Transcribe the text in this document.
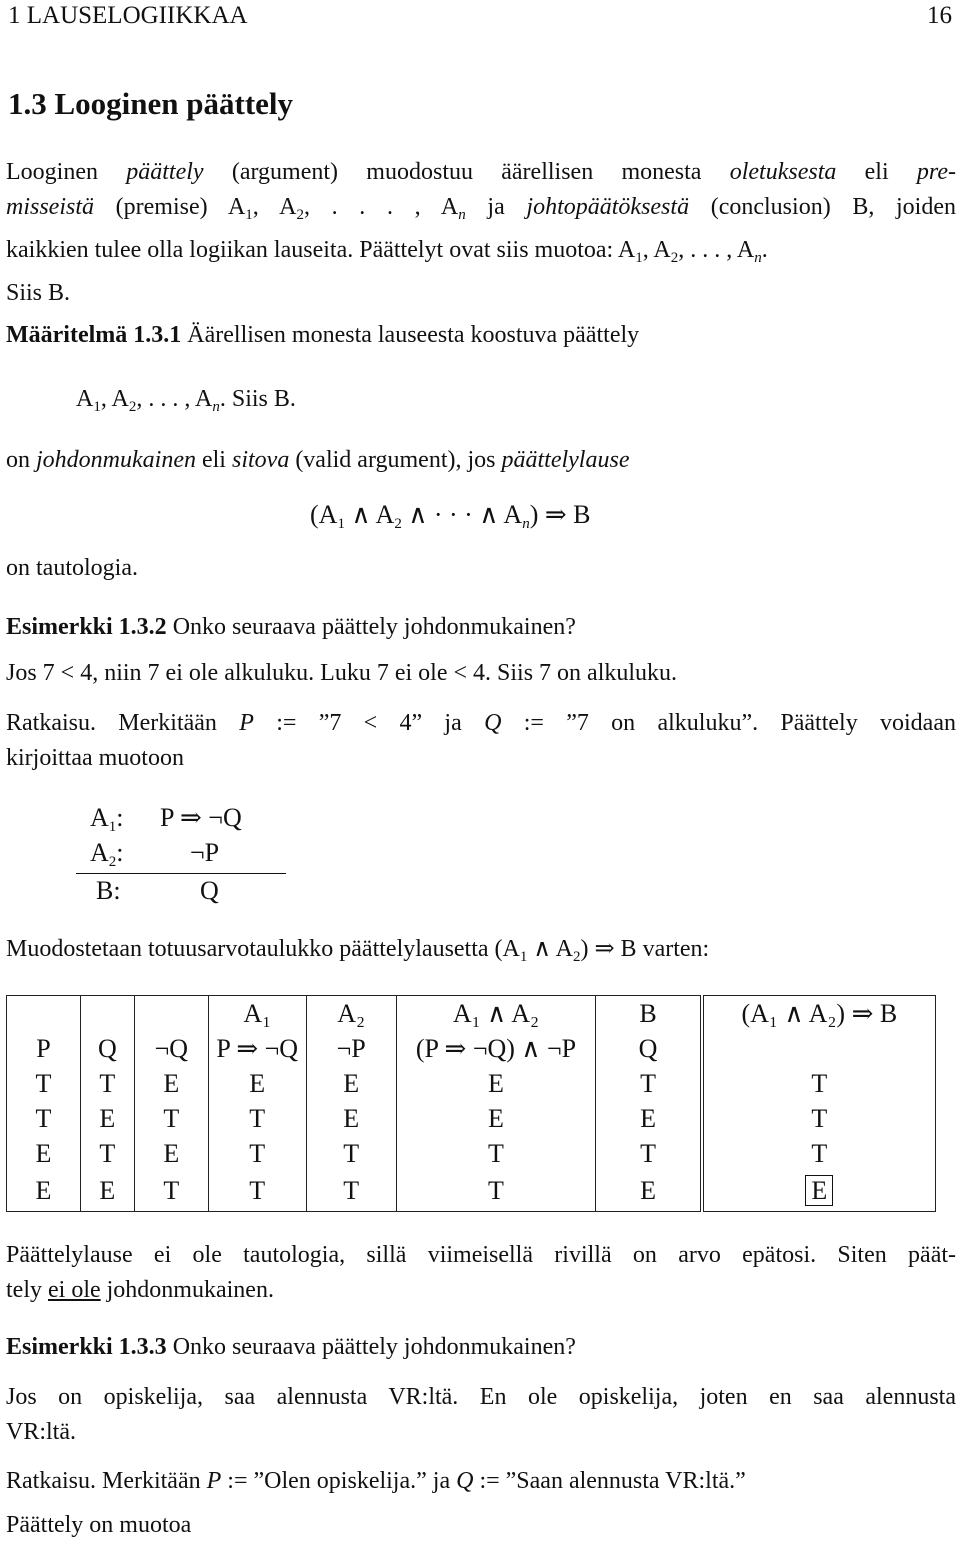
1 LAUSELOGIIKKAA	16
1.3 Looginen päättely
Looginen päättely (argument) muodostuu äärellisen monesta oletuksesta eli pre-
misseistä (premise) $A_1$, $A_2$, . . . , $A_n$ ja johtopäätöksestä (conclusion) B, joiden
kaikkien tulee olla logiikan lauseita. Päättelyt ovat siis muotoa: $A_1$, $A_2$, . . . , $A_n$.
Siis B.
Määritelmä 1.3.1 Äärellisen monesta lauseesta koostuva päättely
$A_1$, $A_2$, . . . , $A_n$. Siis B.
on johdonmukainen eli sitova (valid argument), jos päättelylause
($A_1$ ∧ $A_2$ ∧ · · · ∧ $A_n$) ⇒ B
on tautologia.
Esimerkki 1.3.2 Onko seuraava päättely johdonmukainen?
Jos 7 < 4, niin 7 ei ole alkuluku. Luku 7 ei ole < 4. Siis 7 on alkuluku.
Ratkaisu. Merkitään P := ”7 < 4” ja Q := ”7 on alkuluku”. Päättely voidaan
kirjoittaa muotoon
$A_1$: P ⇒ ¬Q
$A_2$:	¬P
B:	Q
Muodostetaan totuusarvotaulukko päättelylausetta ($A_1$ ∧ $A_2$) ⇒ B varten:
			A₁	A₂	A₁ ∧ A₂	B	(A₁ ∧ A₂) ⇒ B
P	Q	¬Q	P ⇒ ¬Q	¬P	(P ⇒ ¬Q) ∧ ¬P	Q	
T	T	E	E	E	E	T	T
T	E	T	T	E	E	E	T
E	T	E	T	T	T	T	T
E	E	T	T	T	T	E	E
Päättelylause ei ole tautologia, sillä viimeisellä rivillä on arvo epätosi. Siten päät-
tely ei ole johdonmukainen.
Esimerkki 1.3.3 Onko seuraava päättely johdonmukainen?
Jos on opiskelija, saa alennusta VR:ltä. En ole opiskelija, joten en saa alennusta
VR:ltä.
Ratkaisu. Merkitään P := ”Olen opiskelija.” ja Q := ”Saan alennusta VR:ltä.”
Päättely on muotoa
